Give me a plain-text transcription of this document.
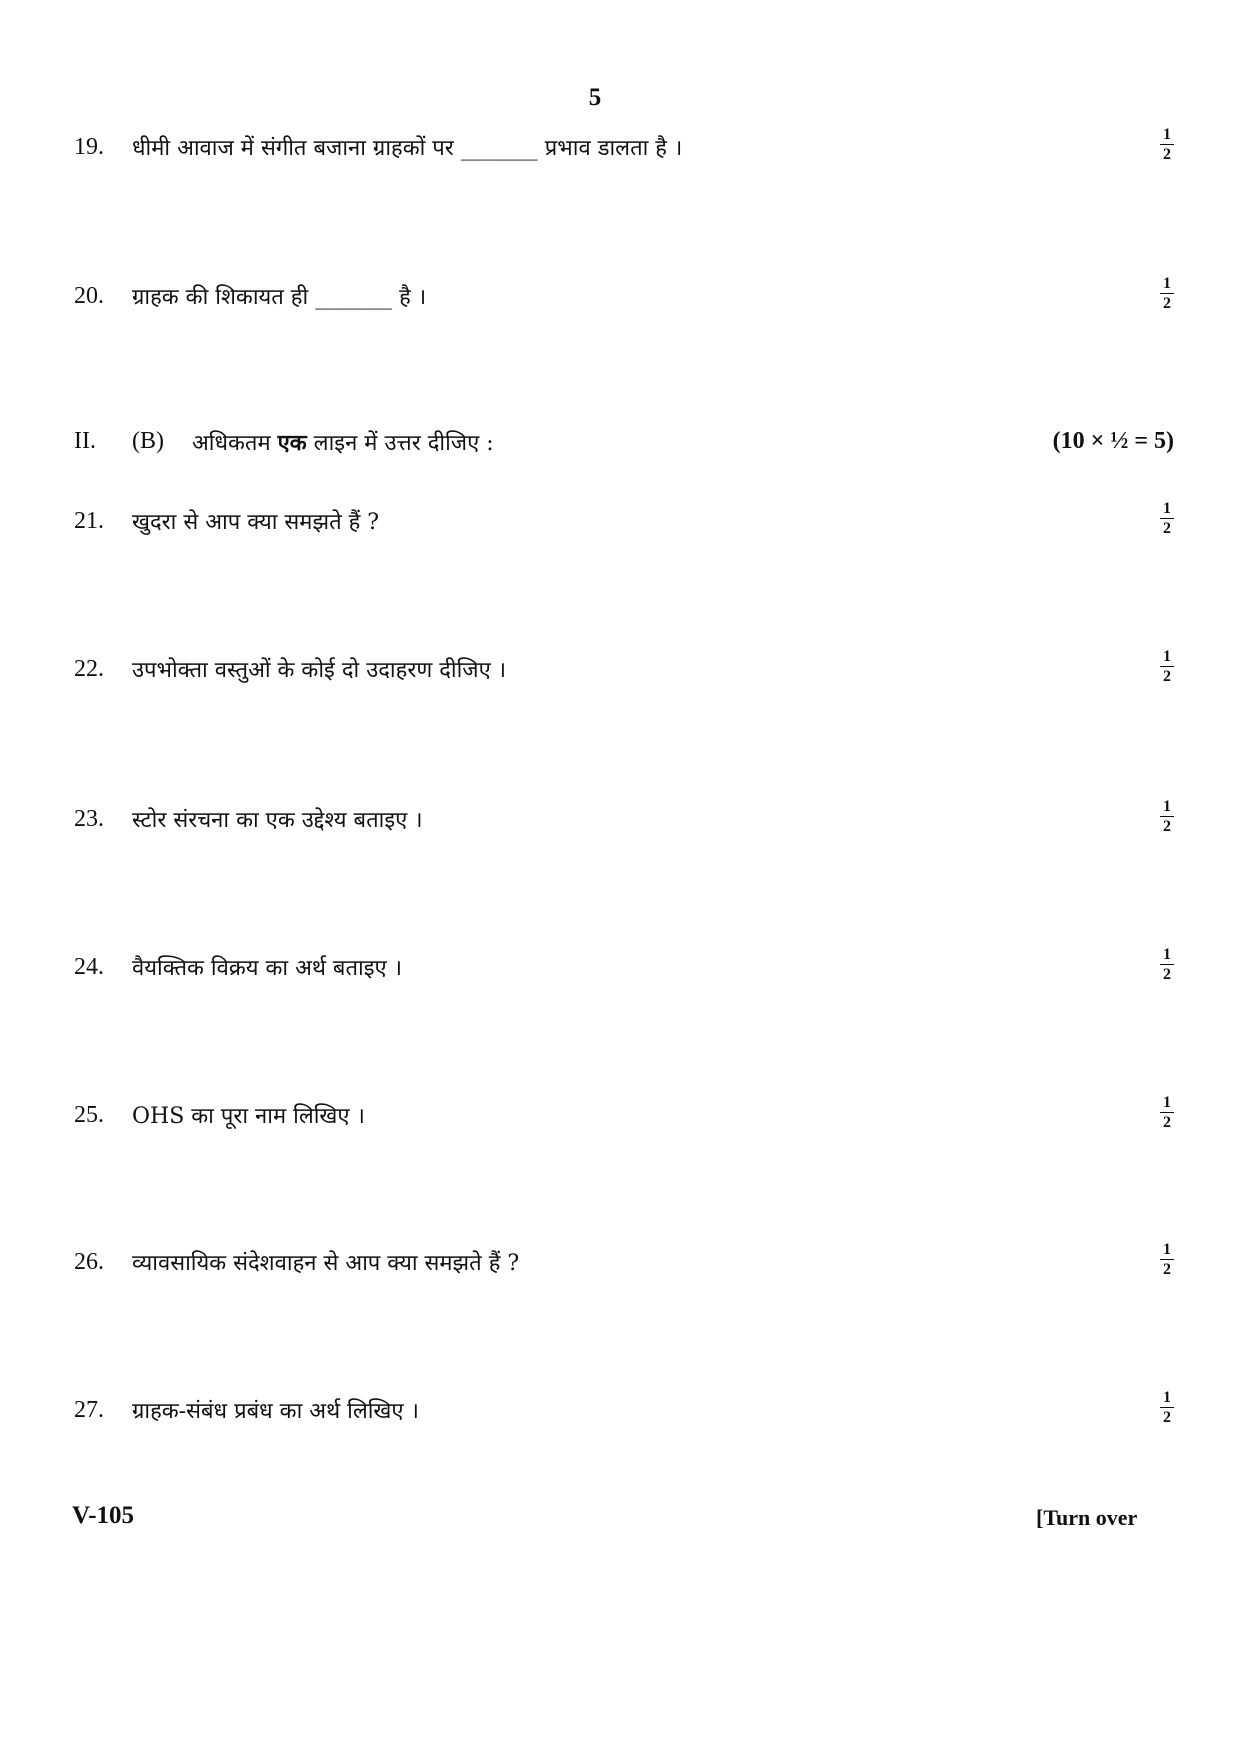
5
19. धीमी आवाज में संगीत बजाना ग्राहकों पर _______ प्रभाव डालता है ।
1
2
20. ग्राहक की शिकायत ही _______ है ।
1
2
II. (B) अधिकतम एक लाइन में उत्तर दीजिए :	(10 × ½ = 5)
21. खुदरा से आप क्या समझते हैं ?
1
2
22. उपभोक्ता वस्तुओं के कोई दो उदाहरण दीजिए ।
1
2
23. स्टोर संरचना का एक उद्देश्य बताइए ।
1
2
24. वैयक्तिक विक्रय का अर्थ बताइए ।
1
2
25. OHS का पूरा नाम लिखिए ।
1
2
26. व्यावसायिक संदेशवाहन से आप क्या समझते हैं ?
1
2
27. ग्राहक-संबंध प्रबंध का अर्थ लिखिए ।
1
2
V-105	[Turn over
